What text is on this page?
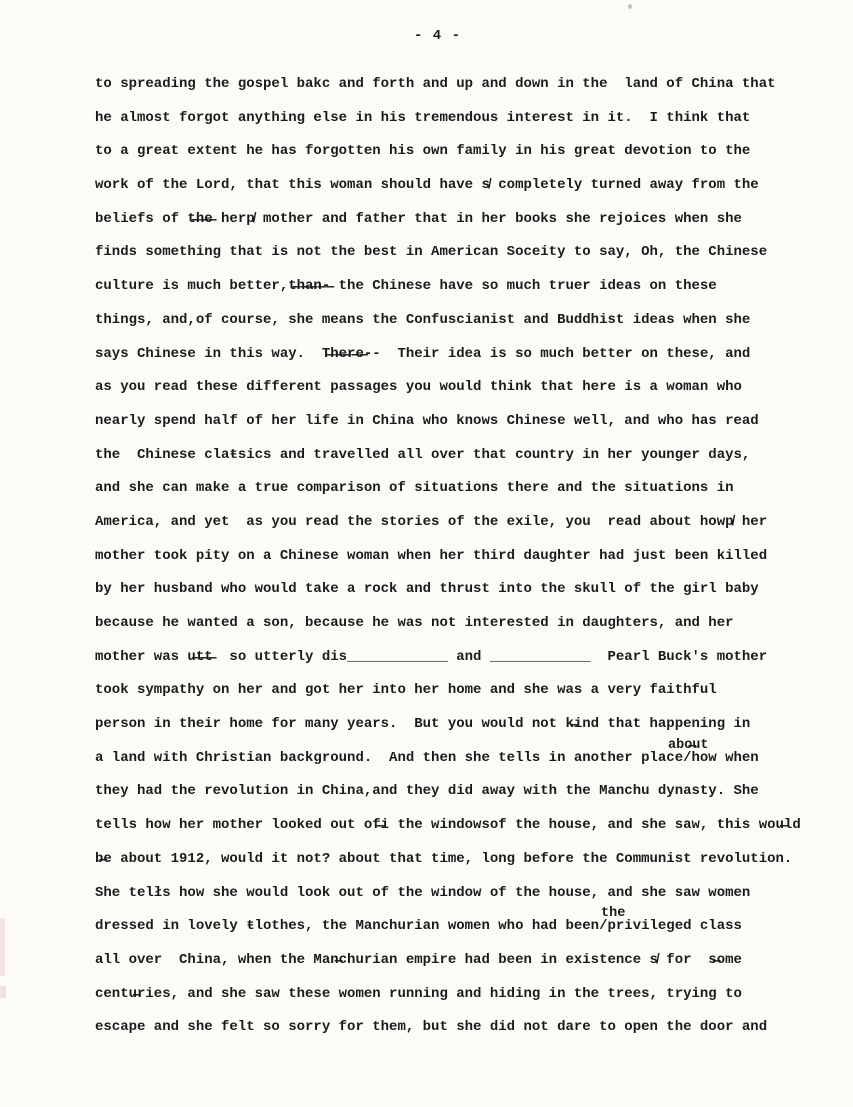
- 4 -
to spreading the gospel bakc and forth and up and down in the  land of China that
he almost forgot anything else in his tremendous interest in it.  I think that
to a great extent he has forgotten his own family in his great devotion to the
work of the Lord, that this woman should have s̸ completely turned away from the
beliefs of t̶h̶e̶ herp̸ mother and father that in her books she rejoices when she
finds something that is not the best in American Soceity to say, Oh, the Chinese
culture is much better,t̶h̶a̶n̶-̶ the Chinese have so much truer ideas on these
things, and,of course, she means the Confuscianist and Buddhist ideas when she
says Chinese in this way.  T̶h̶e̶r̶e̶--  Their idea is so much better on these, and
as you read these different passages you would think that here is a woman who
nearly spend half of her life in China who knows Chinese well, and who has read
the  Chinese claŧsics and travelled all over that country in her younger days,
and she can make a true comparison of situations there and the situations in
America, and yet  as you read the stories of the exile, you  read about howp̸ her
mother took pity on a Chinese woman when her third daughter had just been killed
by her husband who would take a rock and thrust into the skull of the girl baby
because he wanted a son, because he was not interested in daughters, and her
mother was u̶t̶t̶  so utterly dis____________ and ____________  Pearl Buck's mother
took sympathy on her and got her into her home and she was a very faithful
person in their home for many years.  But you would not k̶ind that happening in
a land with Christian background.  And then she tells in another place/how when
they had the revolution in China,and they did away with the Manchu dynasty. She
tells how her mother looked out of̶i the windowsof the house, and she saw, this wou̶ld
b̶e about 1912, would it not? about that time, long before the Communist revolution.
She telłs how she would look out of the window of the house, and she saw women
dressed in lovely ŧlothes, the Manchurian women who had been/privileged class
all over  China, when the Man̶churian empire had been in existence s̸ for  s̶ome
centu̶ries, and she saw these women running and hiding in the trees, trying to
escape and she felt so sorry for them, but she did not dare to open the door and
abo̶ut
the
